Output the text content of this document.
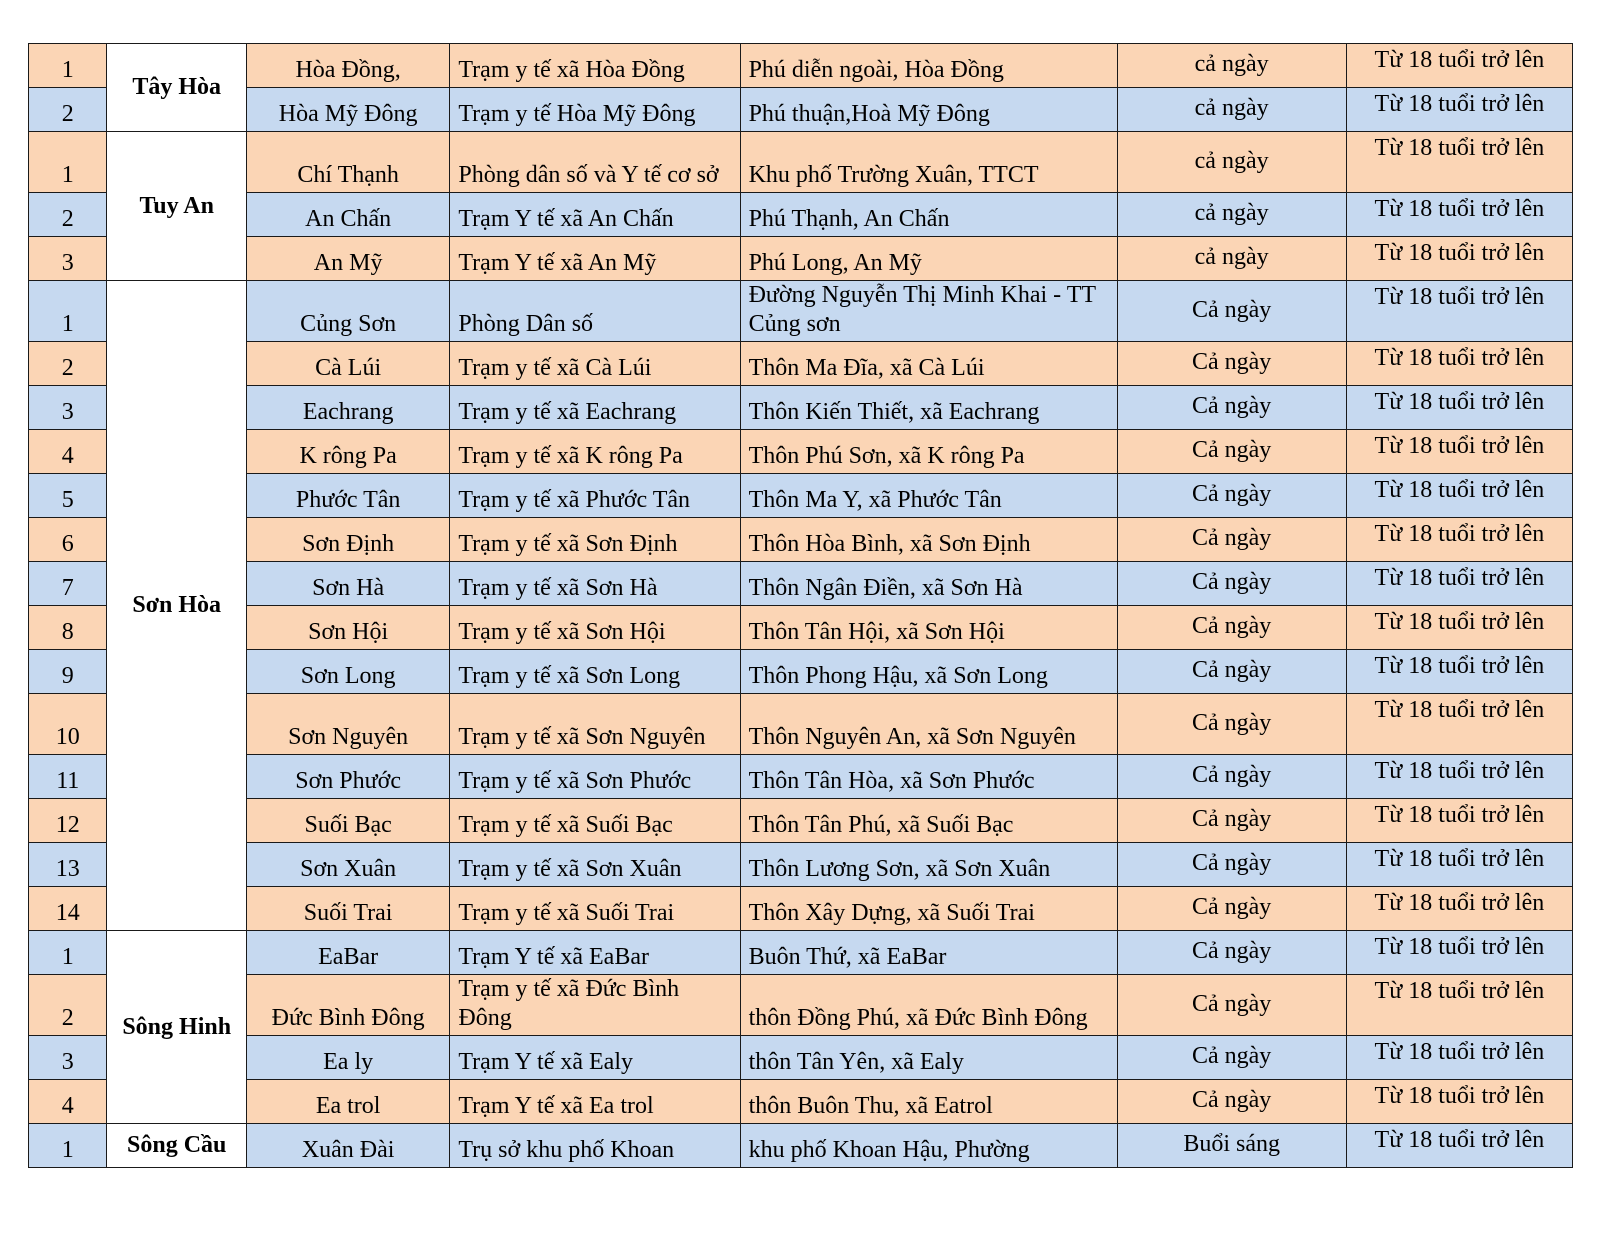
1	Tây Hòa	Hòa Đồng,	Trạm y tế xã Hòa Đồng	Phú diễn ngoài, Hòa Đồng	cả ngày	Từ 18 tuổi trở lên
2		Hòa Mỹ Đông	Trạm y tế Hòa Mỹ Đông	Phú thuận,Hoà Mỹ Đông	cả ngày	Từ 18 tuổi trở lên
1	Tuy An	Chí Thạnh	Phòng dân số và Y tế cơ sở	Khu phố Trường Xuân, TTCT	cả ngày	Từ 18 tuổi trở lên
2		An Chấn	Trạm Y tế xã An Chấn	Phú Thạnh, An Chấn	cả ngày	Từ 18 tuổi trở lên
3		An Mỹ	Trạm Y tế xã An Mỹ	Phú Long, An Mỹ	cả ngày	Từ 18 tuổi trở lên
1	Sơn Hòa	Củng Sơn	Phòng Dân số	Đường Nguyễn Thị Minh Khai - TT Củng sơn	Cả ngày	Từ 18 tuổi trở lên
2		Cà Lúi	Trạm y tế xã Cà Lúi	Thôn Ma Đĩa, xã Cà Lúi	Cả ngày	Từ 18 tuổi trở lên
3		Eachrang	Trạm y tế xã Eachrang	Thôn Kiến Thiết, xã Eachrang	Cả ngày	Từ 18 tuổi trở lên
4		K rông Pa	Trạm y tế xã K rông Pa	Thôn Phú Sơn, xã K rông Pa	Cả ngày	Từ 18 tuổi trở lên
5		Phước Tân	Trạm y tế xã Phước Tân	Thôn Ma Y, xã Phước Tân	Cả ngày	Từ 18 tuổi trở lên
6		Sơn Định	Trạm y tế xã Sơn Định	Thôn Hòa Bình, xã Sơn Định	Cả ngày	Từ 18 tuổi trở lên
7		Sơn Hà	Trạm y tế xã Sơn Hà	Thôn Ngân Điền, xã Sơn Hà	Cả ngày	Từ 18 tuổi trở lên
8		Sơn Hội	Trạm y tế xã Sơn Hội	Thôn Tân Hội, xã Sơn Hội	Cả ngày	Từ 18 tuổi trở lên
9		Sơn Long	Trạm y tế xã Sơn Long	Thôn Phong Hậu, xã Sơn Long	Cả ngày	Từ 18 tuổi trở lên
10		Sơn Nguyên	Trạm y tế xã Sơn Nguyên	Thôn Nguyên An, xã Sơn Nguyên	Cả ngày	Từ 18 tuổi trở lên
11		Sơn Phước	Trạm y tế xã Sơn Phước	Thôn Tân Hòa, xã Sơn Phước	Cả ngày	Từ 18 tuổi trở lên
12		Suối Bạc	Trạm y tế xã Suối Bạc	Thôn Tân Phú, xã Suối Bạc	Cả ngày	Từ 18 tuổi trở lên
13		Sơn Xuân	Trạm y tế xã Sơn Xuân	Thôn Lương Sơn, xã Sơn Xuân	Cả ngày	Từ 18 tuổi trở lên
14		Suối Trai	Trạm y tế xã Suối Trai	Thôn Xây Dựng, xã Suối Trai	Cả ngày	Từ 18 tuổi trở lên
1	Sông Hinh	EaBar	Trạm Y tế xã EaBar	Buôn Thứ, xã EaBar	Cả ngày	Từ 18 tuổi trở lên
2		Đức Bình Đông	Trạm y tế xã Đức Bình Đông	thôn Đồng Phú, xã Đức Bình Đông	Cả ngày	Từ 18 tuổi trở lên
3		Ea ly	Trạm Y tế xã Ealy	thôn Tân Yên, xã Ealy	Cả ngày	Từ 18 tuổi trở lên
4		Ea trol	Trạm Y tế xã Ea trol	thôn Buôn Thu, xã Eatrol	Cả ngày	Từ 18 tuổi trở lên
1	Sông Cầu	Xuân Đài	Trụ sở khu phố Khoan	khu phố Khoan Hậu, Phường	Buổi sáng	Từ 18 tuổi trở lên
